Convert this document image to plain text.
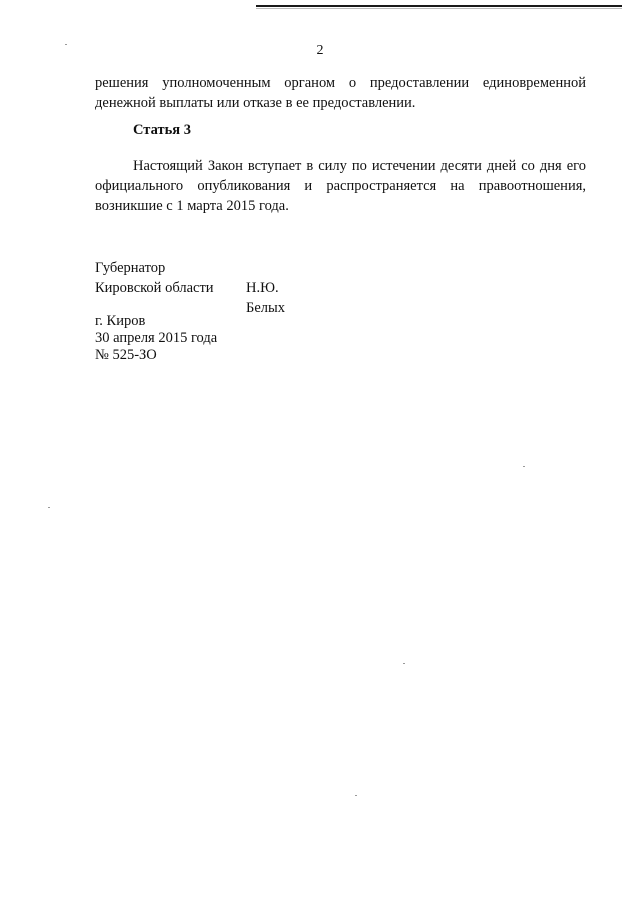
2
решения уполномоченным органом о предоставлении единовременной денежной выплаты или отказе в ее предоставлении.
Статья 3
Настоящий Закон вступает в силу по истечении десяти дней со дня его официального опубликования и распространяется на правоотношения, возникшие с 1 марта 2015 года.
Губернатор
Кировской области Н.Ю. Белых
г. Киров
30 апреля 2015 года
№ 525-ЗО
